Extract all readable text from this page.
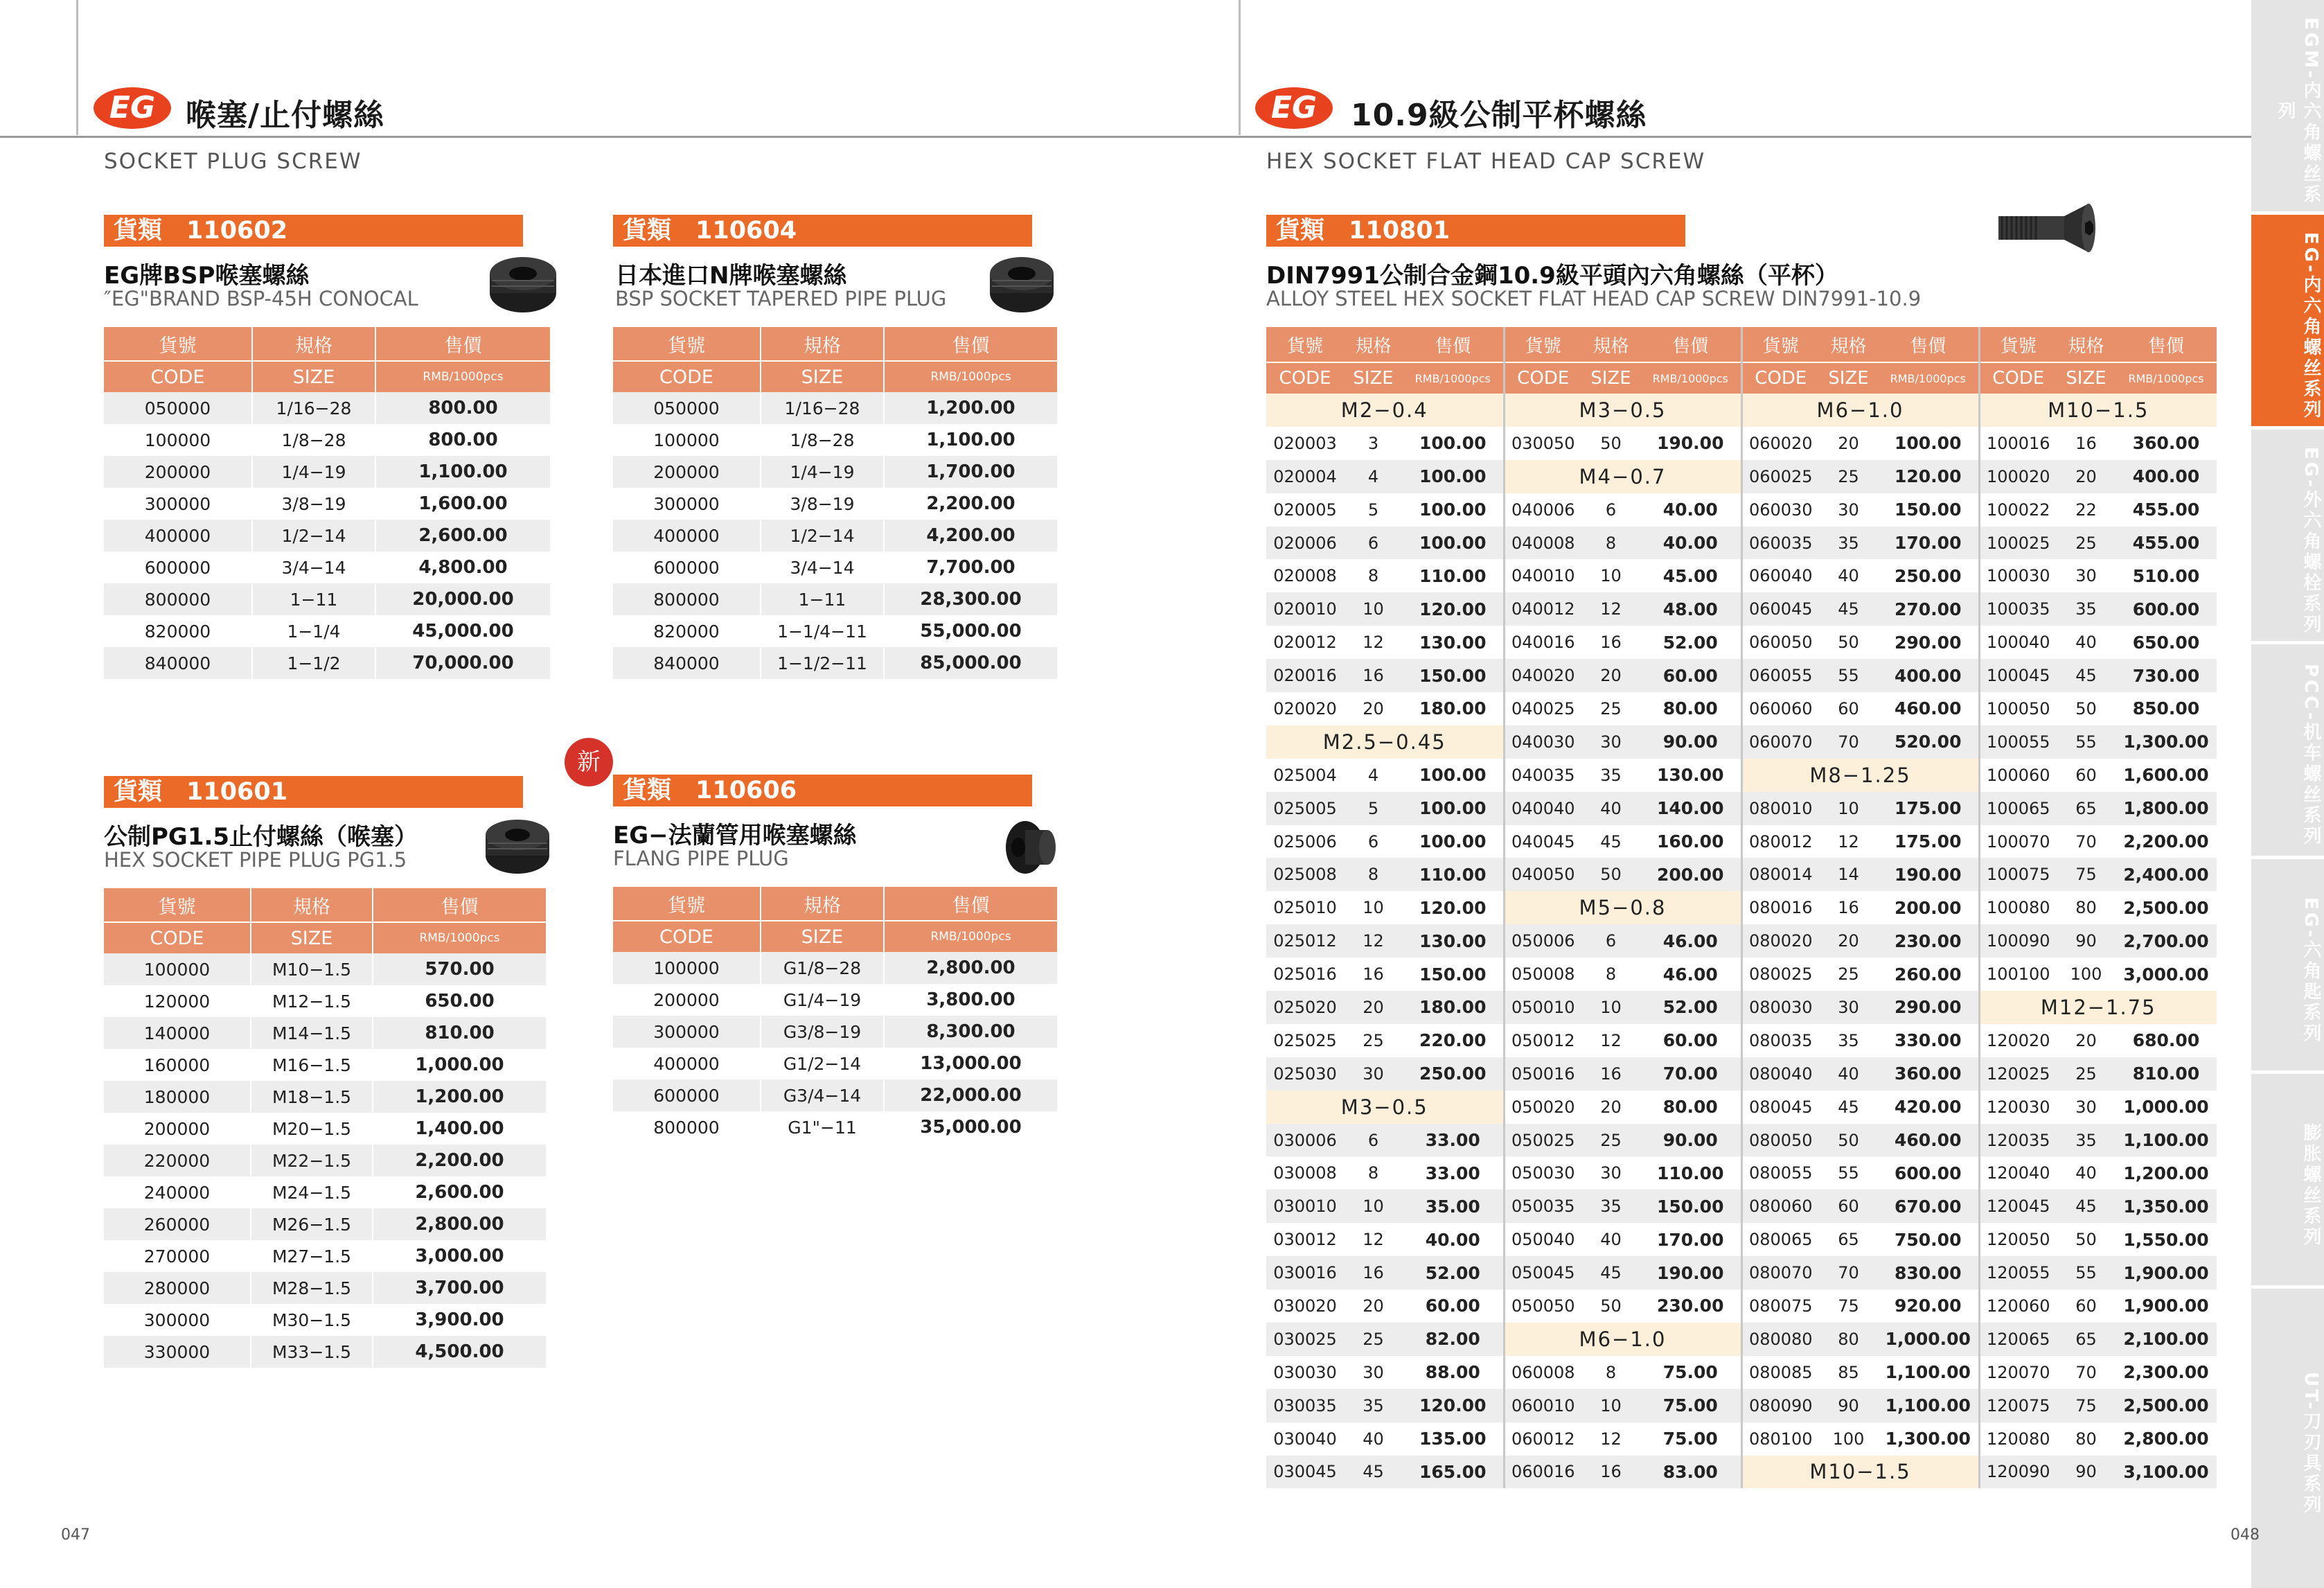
EG 喉塞/止付螺絲
SOCKET PLUG SCREW
EG	10.9級公制平杯螺絲
HEX SOCKET FLAT HEAD CAP SCREW
貨類　110602
EG牌BSP喉塞螺絲
″EG"BRAND BSP-45H CONOCAL
貨號	規格	售價
CODE	SIZE	RMB/1000pcs
050000	1/16−28	800.00
100000	1/8−28	800.00
200000	1/4−19	1,100.00
300000	3/8−19	1,600.00
400000	1/2−14	2,600.00
600000	3/4−14	4,800.00
800000	1−11	20,000.00
820000	1−1/4	45,000.00
840000	1−1/2	70,000.00
貨類　110604
日本進口N牌喉塞螺絲
BSP SOCKET TAPERED PIPE PLUG
貨號	規格	售價
CODE	SIZE	RMB/1000pcs
050000	1/16−28	1,200.00
100000	1/8−28	1,100.00
200000	1/4−19	1,700.00
300000	3/8−19	2,200.00
400000	1/2−14	4,200.00
600000	3/4−14	7,700.00
800000	1−11	28,300.00
820000	1−1/4−11	55,000.00
840000	1−1/2−11	85,000.00
貨類　110601
公制PG1.5止付螺絲（喉塞）
HEX SOCKET PIPE PLUG PG1.5
貨號	規格	售價
CODE	SIZE	RMB/1000pcs
100000	M10−1.5	570.00
120000	M12−1.5	650.00
140000	M14−1.5	810.00
160000	M16−1.5	1,000.00
180000	M18−1.5	1,200.00
200000	M20−1.5	1,400.00
220000	M22−1.5	2,200.00
240000	M24−1.5	2,600.00
260000	M26−1.5	2,800.00
270000	M27−1.5	3,000.00
280000	M28−1.5	3,700.00
300000	M30−1.5	3,900.00
330000	M33−1.5	4,500.00
新
貨類　110606
EG−法蘭管用喉塞螺絲
FLANG PIPE PLUG
貨號	規格	售價
CODE	SIZE	RMB/1000pcs
100000	G1/8−28	2,800.00
200000	G1/4−19	3,800.00
300000	G3/8−19	8,300.00
400000	G1/2−14	13,000.00
600000	G3/4−14	22,000.00
800000	G1"−11	35,000.00
貨類　110801
DIN7991公制合金鋼10.9級平頭內六角螺絲（平杯）
ALLOY STEEL HEX SOCKET FLAT HEAD CAP SCREW DIN7991-10.9
貨號	規格	售價	貨號	規格	售價	貨號	規格	售價	貨號	規格	售價
CODE	SIZE	RMB/1000pcs	CODE	SIZE	RMB/1000pcs	CODE	SIZE	RMB/1000pcs	CODE	SIZE	RMB/1000pcs
M2−0.4			M3−0.5			M6−1.0			M10−1.5		
020003	3	100.00	030050	50	190.00	060020	20	100.00	100016	16	360.00
020004	4	100.00	M4−0.7			060025	25	120.00	100020	20	400.00
020005	5	100.00	040006	6	40.00	060030	30	150.00	100022	22	455.00
020006	6	100.00	040008	8	40.00	060035	35	170.00	100025	25	455.00
020008	8	110.00	040010	10	45.00	060040	40	250.00	100030	30	510.00
020010	10	120.00	040012	12	48.00	060045	45	270.00	100035	35	600.00
020012	12	130.00	040016	16	52.00	060050	50	290.00	100040	40	650.00
020016	16	150.00	040020	20	60.00	060055	55	400.00	100045	45	730.00
020020	20	180.00	040025	25	80.00	060060	60	460.00	100050	50	850.00
M2.5−0.45			040030	30	90.00	060070	70	520.00	100055	55	1,300.00
025004	4	100.00	040035	35	130.00	M8−1.25			100060	60	1,600.00
025005	5	100.00	040040	40	140.00	080010	10	175.00	100065	65	1,800.00
025006	6	100.00	040045	45	160.00	080012	12	175.00	100070	70	2,200.00
025008	8	110.00	040050	50	200.00	080014	14	190.00	100075	75	2,400.00
025010	10	120.00	M5−0.8			080016	16	200.00	100080	80	2,500.00
025012	12	130.00	050006	6	46.00	080020	20	230.00	100090	90	2,700.00
025016	16	150.00	050008	8	46.00	080025	25	260.00	100100	100	3,000.00
025020	20	180.00	050010	10	52.00	080030	30	290.00	M12−1.75		
025025	25	220.00	050012	12	60.00	080035	35	330.00	120020	20	680.00
025030	30	250.00	050016	16	70.00	080040	40	360.00	120025	25	810.00
M3−0.5			050020	20	80.00	080045	45	420.00	120030	30	1,000.00
030006	6	33.00	050025	25	90.00	080050	50	460.00	120035	35	1,100.00
030008	8	33.00	050030	30	110.00	080055	55	600.00	120040	40	1,200.00
030010	10	35.00	050035	35	150.00	080060	60	670.00	120045	45	1,350.00
030012	12	40.00	050040	40	170.00	080065	65	750.00	120050	50	1,550.00
030016	16	52.00	050045	45	190.00	080070	70	830.00	120055	55	1,900.00
030020	20	60.00	050050	50	230.00	080075	75	920.00	120060	60	1,900.00
030025	25	82.00	M6−1.0			080080	80	1,000.00	120065	65	2,100.00
030030	30	88.00	060008	8	75.00	080085	85	1,100.00	120070	70	2,300.00
030035	35	120.00	060010	10	75.00	080090	90	1,100.00	120075	75	2,500.00
030040	40	135.00	060012	12	75.00	080100	100	1,300.00	120080	80	2,800.00
030045	45	165.00	060016	16	83.00	M10−1.5			120090	90	3,100.00
EGM-内六角螺丝系列
EG-内六角螺丝系列
EG-外六角螺栓系列
PCC-机车螺丝系列
EG-六角匙系列
膨胀螺丝系列
UT-刀刃具系列
047	048
